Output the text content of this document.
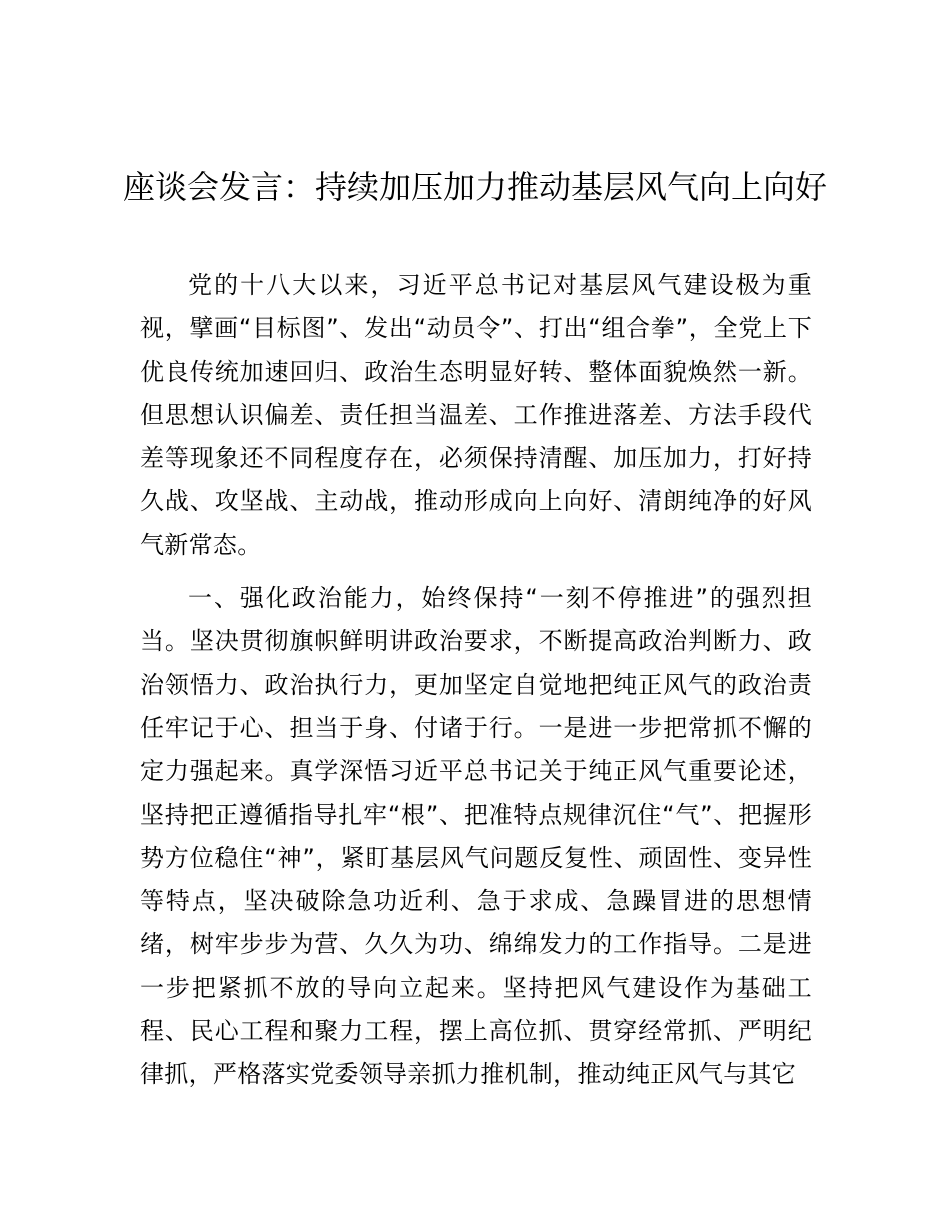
座谈会发言：持续加压加力推动基层风气向上向好

党的十八大以来，习近平总书记对基层风气建设极为重视，擘画“目标图”、发出“动员令”、打出“组合拳”，全党上下优良传统加速回归、政治生态明显好转、整体面貌焕然一新。但思想认识偏差、责任担当温差、工作推进落差、方法手段代差等现象还不同程度存在，必须保持清醒、加压加力，打好持久战、攻坚战、主动战，推动形成向上向好、清朗纯净的好风气新常态。

一、强化政治能力，始终保持“一刻不停推进”的强烈担当。坚决贯彻旗帜鲜明讲政治要求，不断提高政治判断力、政治领悟力、政治执行力，更加坚定自觉地把纯正风气的政治责任牢记于心、担当于身、付诸于行。一是进一步把常抓不懈的定力强起来。真学深悟习近平总书记关于纯正风气重要论述，坚持把正遵循指导扎牢“根”、把准特点规律沉住“气”、把握形势方位稳住“神”，紧盯基层风气问题反复性、顽固性、变异性等特点，坚决破除急功近利、急于求成、急躁冒进的思想情绪，树牢步步为营、久久为功、绵绵发力的工作指导。二是进一步把紧抓不放的导向立起来。坚持把风气建设作为基础工程、民心工程和聚力工程，摆上高位抓、贯穿经常抓、严明纪律抓，严格落实党委领导亲抓力推机制，推动纯正风气与其它
